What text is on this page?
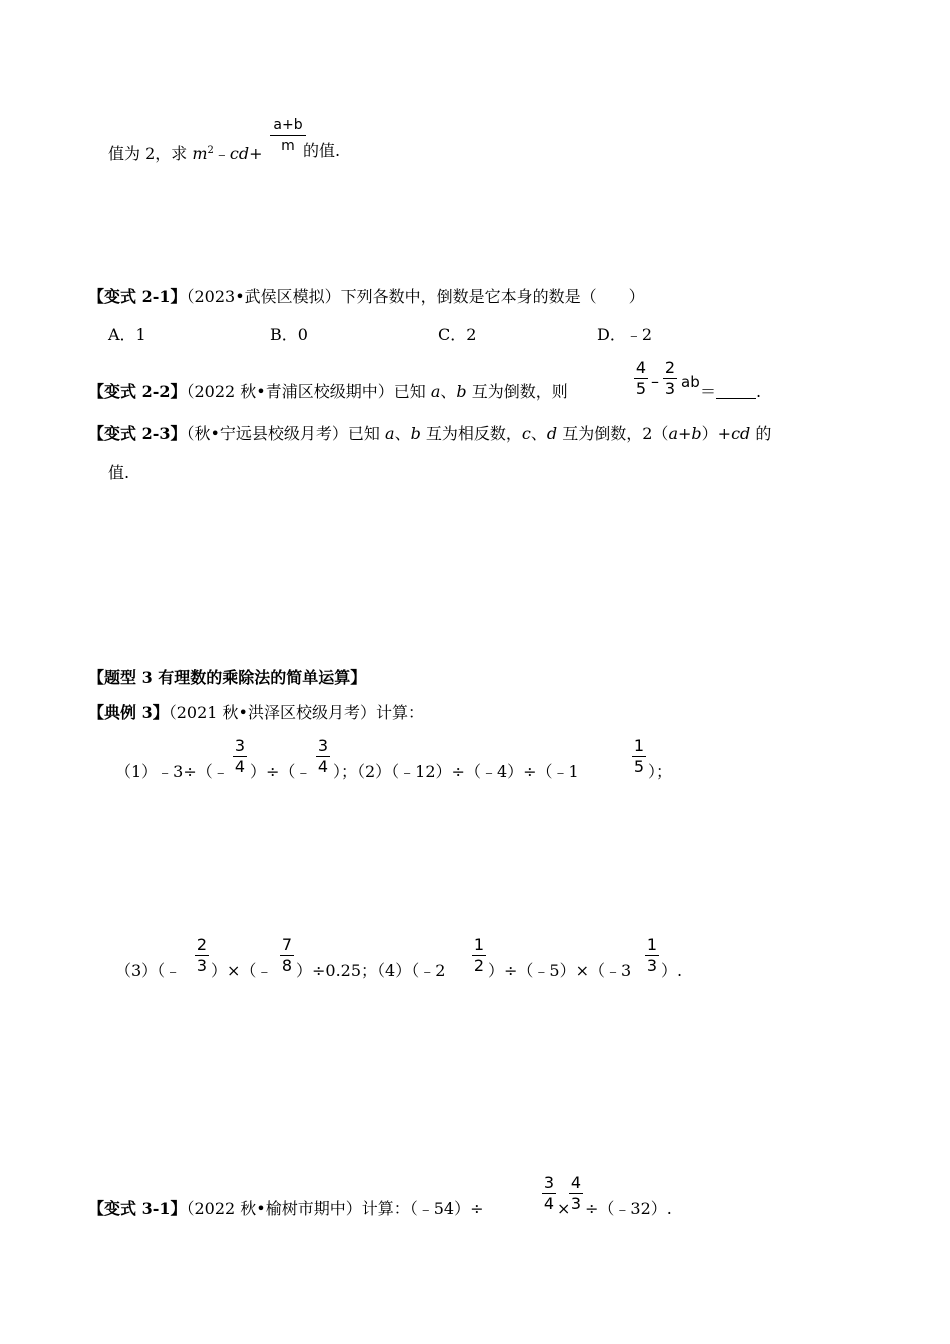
值为 2，求 $m^2﹣cd+$
a+b
m 的值.
【变式 2-1】（2023•武侯区模拟）下列各数中，倒数是它本身的数是（　　）
A．1	B．0	C．2	D．﹣2
【变式 2-2】（2022 秋•青浦区校级期中）已知 a、b 互为倒数，则
4
5 –
2
3 ab ＝	.
【变式 2-3】（秋•宁远县校级月考）已知 a、b 互为相反数，c、d 互为倒数，2（a+b）+cd 的
值.
【题型 3 有理数的乘除法的简单运算】
【典例 3】（2021 秋•洪泽区校级月考）计算：
（1）﹣3÷（﹣
3
4 ）÷（﹣
3
4 ）；（2）（﹣12）÷（﹣4）÷（﹣1
1
5 ）；
（3）（﹣
2
3 ）×（﹣
7
8 ）÷0.25；（4）（﹣2
1
2 ）÷（﹣5）×（﹣3
1
3 ）.
【变式 3-1】（2022 秋•榆树市期中）计算：（﹣54）÷
3
4 ×
4
3 ÷（﹣32）.
